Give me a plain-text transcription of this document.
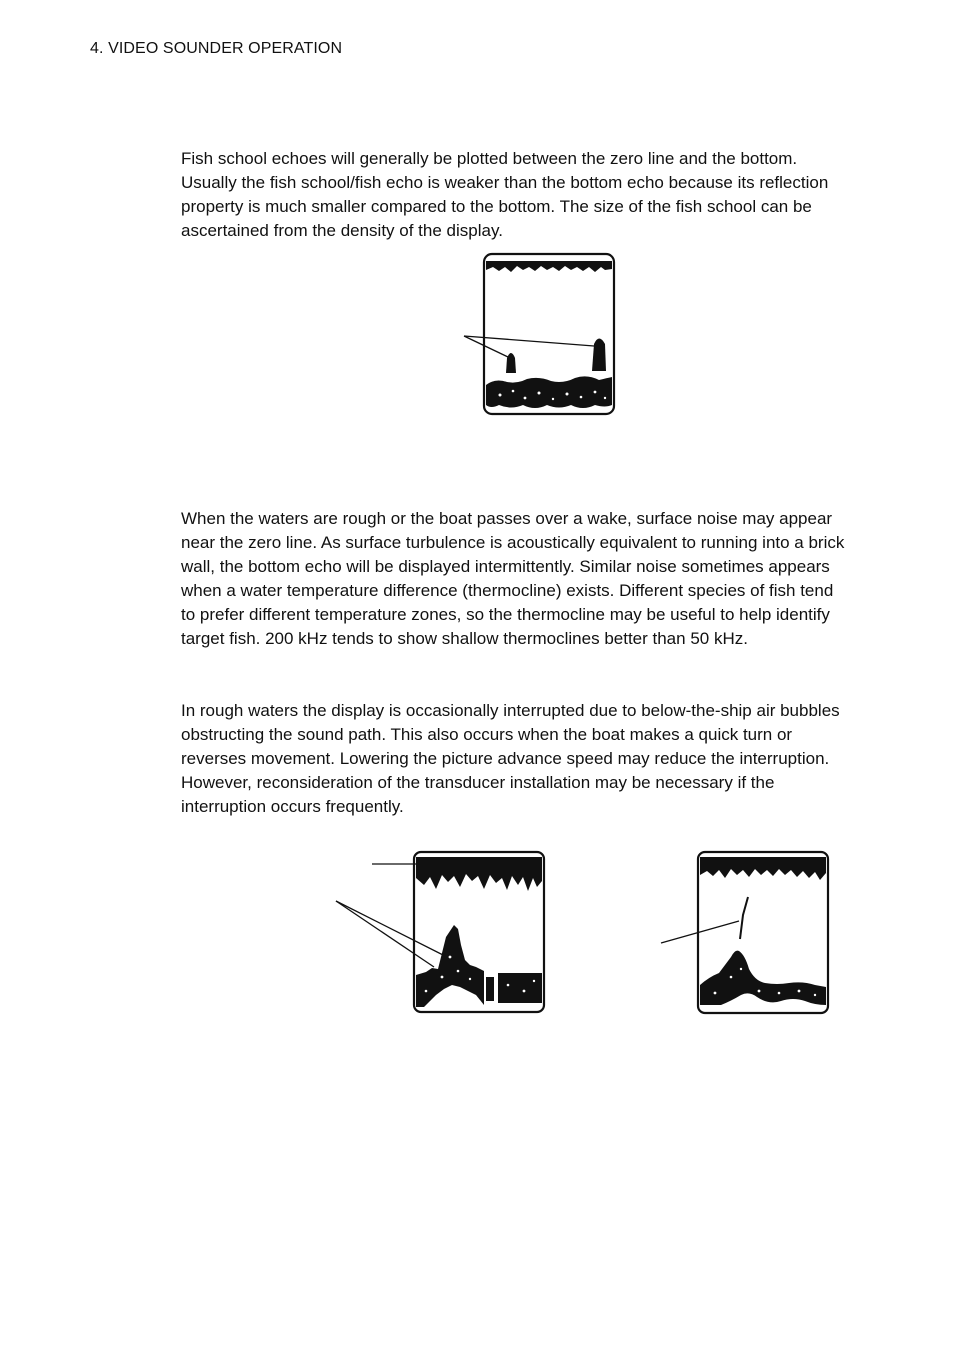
4. VIDEO SOUNDER OPERATION

Fish school echoes will generally be plotted between the zero line and the bottom. Usually the fish school/fish echo is weaker than the bottom echo because its reflection property is much smaller compared to the bottom. The size of the fish school can be ascertained from the density of the display.

When the waters are rough or the boat passes over a wake, surface noise may appear near the zero line. As surface turbulence is acoustically equivalent to running into a brick wall, the bottom echo will be displayed intermittently. Similar noise sometimes appears when a water temperature difference (thermocline) exists. Different species of fish tend to prefer different temperature zones, so the thermocline may be useful to help identify target fish. 200 kHz tends to show shallow thermoclines better than 50 kHz.

In rough waters the display is occasionally interrupted due to below-the-ship air bubbles obstructing the sound path. This also occurs when the boat makes a quick turn or reverses movement. Lowering the picture advance speed may reduce the interruption. However, reconsideration of the transducer installation may be necessary if the interruption occurs frequently.
